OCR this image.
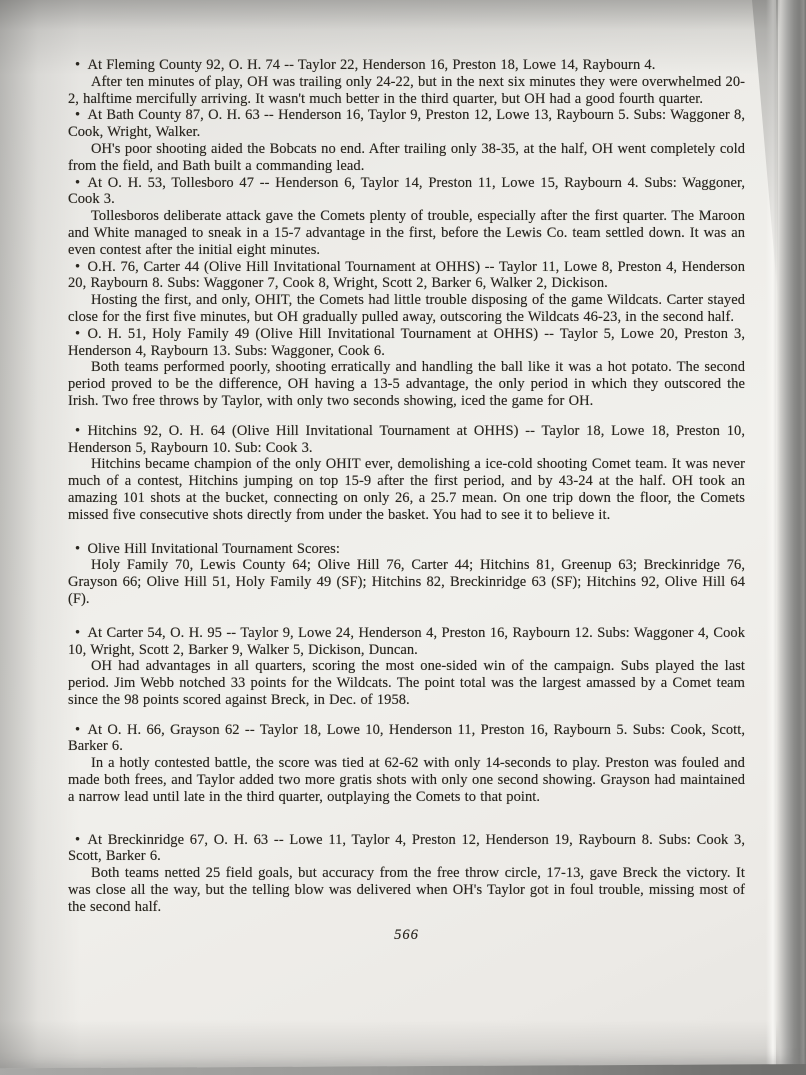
• At Fleming County 92, O. H. 74 -- Taylor 22, Henderson 16, Preston 18, Lowe 14, Raybourn 4.

After ten minutes of play, OH was trailing only 24-22, but in the next six minutes they were overwhelmed 20-2, halftime mercifully arriving. It wasn't much better in the third quarter, but OH had a good fourth quarter.

• At Bath County 87, O. H. 63 -- Henderson 16, Taylor 9, Preston 12, Lowe 13, Raybourn 5. Subs: Waggoner 8, Cook, Wright, Walker.

OH's poor shooting aided the Bobcats no end. After trailing only 38-35, at the half, OH went completely cold from the field, and Bath built a commanding lead.

• At O. H. 53, Tollesboro 47 -- Henderson 6, Taylor 14, Preston 11, Lowe 15, Raybourn 4. Subs: Waggoner, Cook 3.

Tollesboros deliberate attack gave the Comets plenty of trouble, especially after the first quarter. The Maroon and White managed to sneak in a 15-7 advantage in the first, before the Lewis Co. team settled down. It was an even contest after the initial eight minutes.

• O.H. 76, Carter 44 (Olive Hill Invitational Tournament at OHHS) -- Taylor 11, Lowe 8, Preston 4, Henderson 20, Raybourn 8. Subs: Waggoner 7, Cook 8, Wright, Scott 2, Barker 6, Walker 2, Dickison.

Hosting the first, and only, OHIT, the Comets had little trouble disposing of the game Wildcats. Carter stayed close for the first five minutes, but OH gradually pulled away, outscoring the Wildcats 46-23, in the second half.

• O. H. 51, Holy Family 49 (Olive Hill Invitational Tournament at OHHS) -- Taylor 5, Lowe 20, Preston 3, Henderson 4, Raybourn 13. Subs: Waggoner, Cook 6.

Both teams performed poorly, shooting erratically and handling the ball like it was a hot potato. The second period proved to be the difference, OH having a 13-5 advantage, the only period in which they outscored the Irish. Two free throws by Taylor, with only two seconds showing, iced the game for OH.

• Hitchins 92, O. H. 64 (Olive Hill Invitational Tournament at OHHS) -- Taylor 18, Lowe 18, Preston 10, Henderson 5, Raybourn 10. Sub: Cook 3.

Hitchins became champion of the only OHIT ever, demolishing a ice-cold shooting Comet team. It was never much of a contest, Hitchins jumping on top 15-9 after the first period, and by 43-24 at the half. OH took an amazing 101 shots at the bucket, connecting on only 26, a 25.7 mean. On one trip down the floor, the Comets missed five consecutive shots directly from under the basket. You had to see it to believe it.

• Olive Hill Invitational Tournament Scores:

Holy Family 70, Lewis County 64; Olive Hill 76, Carter 44; Hitchins 81, Greenup 63; Breckinridge 76, Grayson 66; Olive Hill 51, Holy Family 49 (SF); Hitchins 82, Breckinridge 63 (SF); Hitchins 92, Olive Hill 64 (F).

• At Carter 54, O. H. 95 -- Taylor 9, Lowe 24, Henderson 4, Preston 16, Raybourn 12. Subs: Waggoner 4, Cook 10, Wright, Scott 2, Barker 9, Walker 5, Dickison, Duncan.

OH had advantages in all quarters, scoring the most one-sided win of the campaign. Subs played the last period. Jim Webb notched 33 points for the Wildcats. The point total was the largest amassed by a Comet team since the 98 points scored against Breck, in Dec. of 1958.

• At O. H. 66, Grayson 62 -- Taylor 18, Lowe 10, Henderson 11, Preston 16, Raybourn 5. Subs: Cook, Scott, Barker 6.

In a hotly contested battle, the score was tied at 62-62 with only 14-seconds to play. Preston was fouled and made both frees, and Taylor added two more gratis shots with only one second showing. Grayson had maintained a narrow lead until late in the third quarter, outplaying the Comets to that point.

• At Breckinridge 67, O. H. 63 -- Lowe 11, Taylor 4, Preston 12, Henderson 19, Raybourn 8. Subs: Cook 3, Scott, Barker 6.

Both teams netted 25 field goals, but accuracy from the free throw circle, 17-13, gave Breck the victory. It was close all the way, but the telling blow was delivered when OH's Taylor got in foul trouble, missing most of the second half.

566
